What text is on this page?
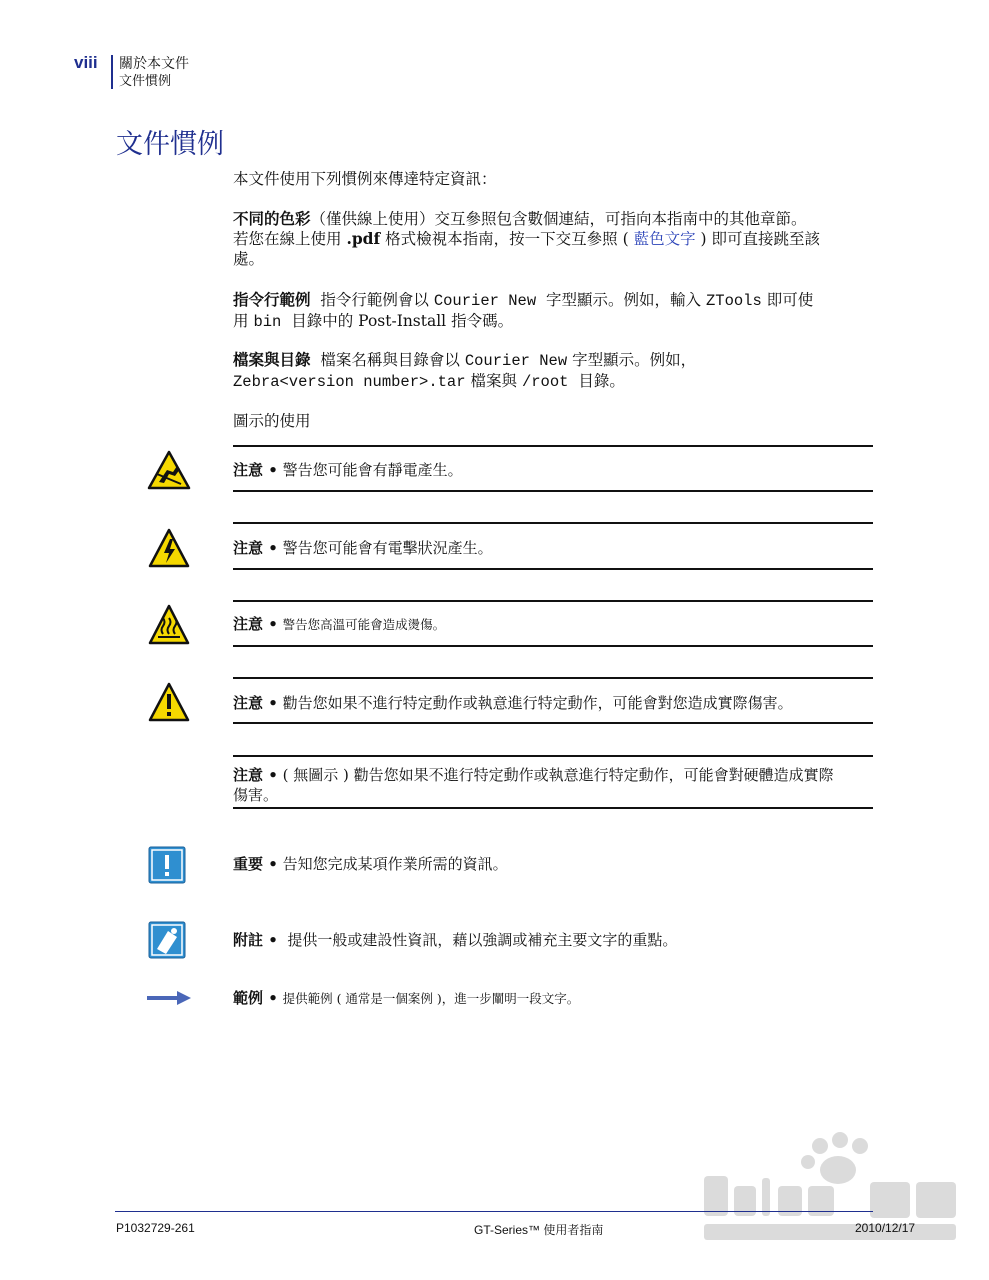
viii 關於本文件
文件慣例
文件慣例
本文件使用下列慣例來傳達特定資訊：
不同的色彩（僅供線上使用）交互參照包含數個連結，可指向本指南中的其他章節。
若您在線上使用 .pdf 格式檢視本指南，按一下交互參照 ( 藍色文字 ) 即可直接跳至該
處。
指令行範例 指令行範例會以 Courier New 字型顯示。例如，輸入 ZTools 即可使
用 bin 目錄中的 Post-Install 指令碼。
檔案與目錄 檔案名稱與目錄會以 Courier New 字型顯示。例如，
Zebra<version number>.tar 檔案與 /root 目錄。
圖示的使用
注意 • 警告您可能會有靜電產生。
注意 • 警告您可能會有電擊狀況產生。
注意 • 警告您高溫可能會造成燙傷。
注意 • 勸告您如果不進行特定動作或執意進行特定動作，可能會對您造成實際傷害。
注意 • ( 無圖示 ) 勸告您如果不進行特定動作或執意進行特定動作，可能會對硬體造成實際
傷害。
重要 • 告知您完成某項作業所需的資訊。
附註 • 提供一般或建設性資訊，藉以強調或補充主要文字的重點。
範例 • 提供範例 ( 通常是一個案例 )，進一步闡明一段文字。
P1032729-261	GT-Series™ 使用者指南	2010/12/17
